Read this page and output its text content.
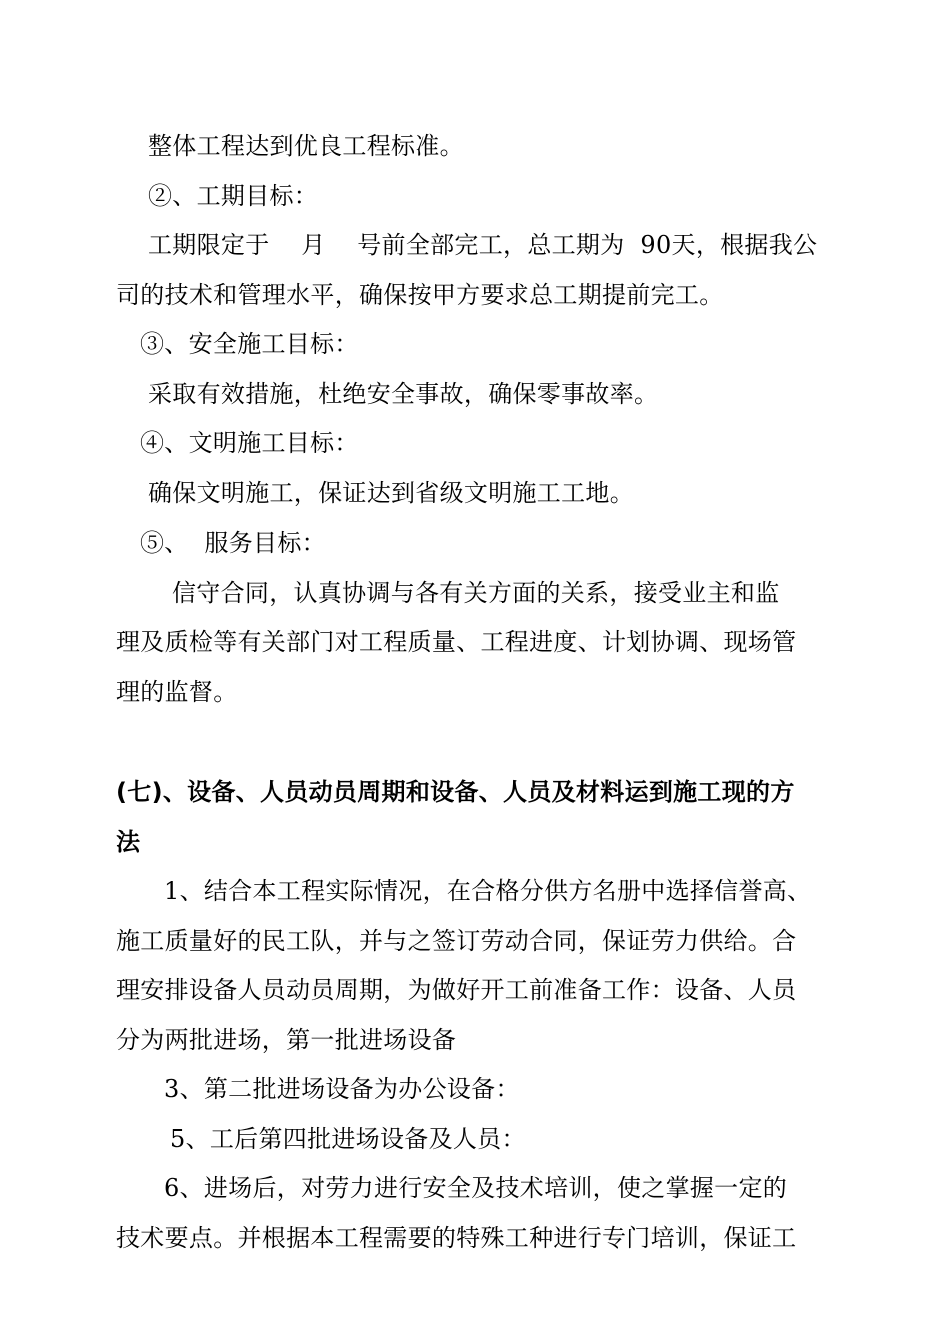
整体工程达到优良工程标准。
②、工期目标：
工期限定于    月    号前全部完工，总工期为  90天，根据我公
司的技术和管理水平，确保按甲方要求总工期提前完工。
③、安全施工目标：
采取有效措施，杜绝安全事故，确保零事故率。
④、文明施工目标：
确保文明施工，保证达到省级文明施工工地。
⑤、  服务目标：
信守合同，认真协调与各有关方面的关系，接受业主和监
理及质检等有关部门对工程质量、工程进度、计划协调、现场管
理的监督。
(七)、设备、人员动员周期和设备、人员及材料运到施工现的方
法
1、结合本工程实际情况，在合格分供方名册中选择信誉高、
施工质量好的民工队，并与之签订劳动合同，保证劳力供给。合
理安排设备人员动员周期，为做好开工前准备工作：设备、人员
分为两批进场，第一批进场设备
3、第二批进场设备为办公设备：
5、工后第四批进场设备及人员：
6、进场后，对劳力进行安全及技术培训，使之掌握一定的
技术要点。并根据本工程需要的特殊工种进行专门培训，保证工
